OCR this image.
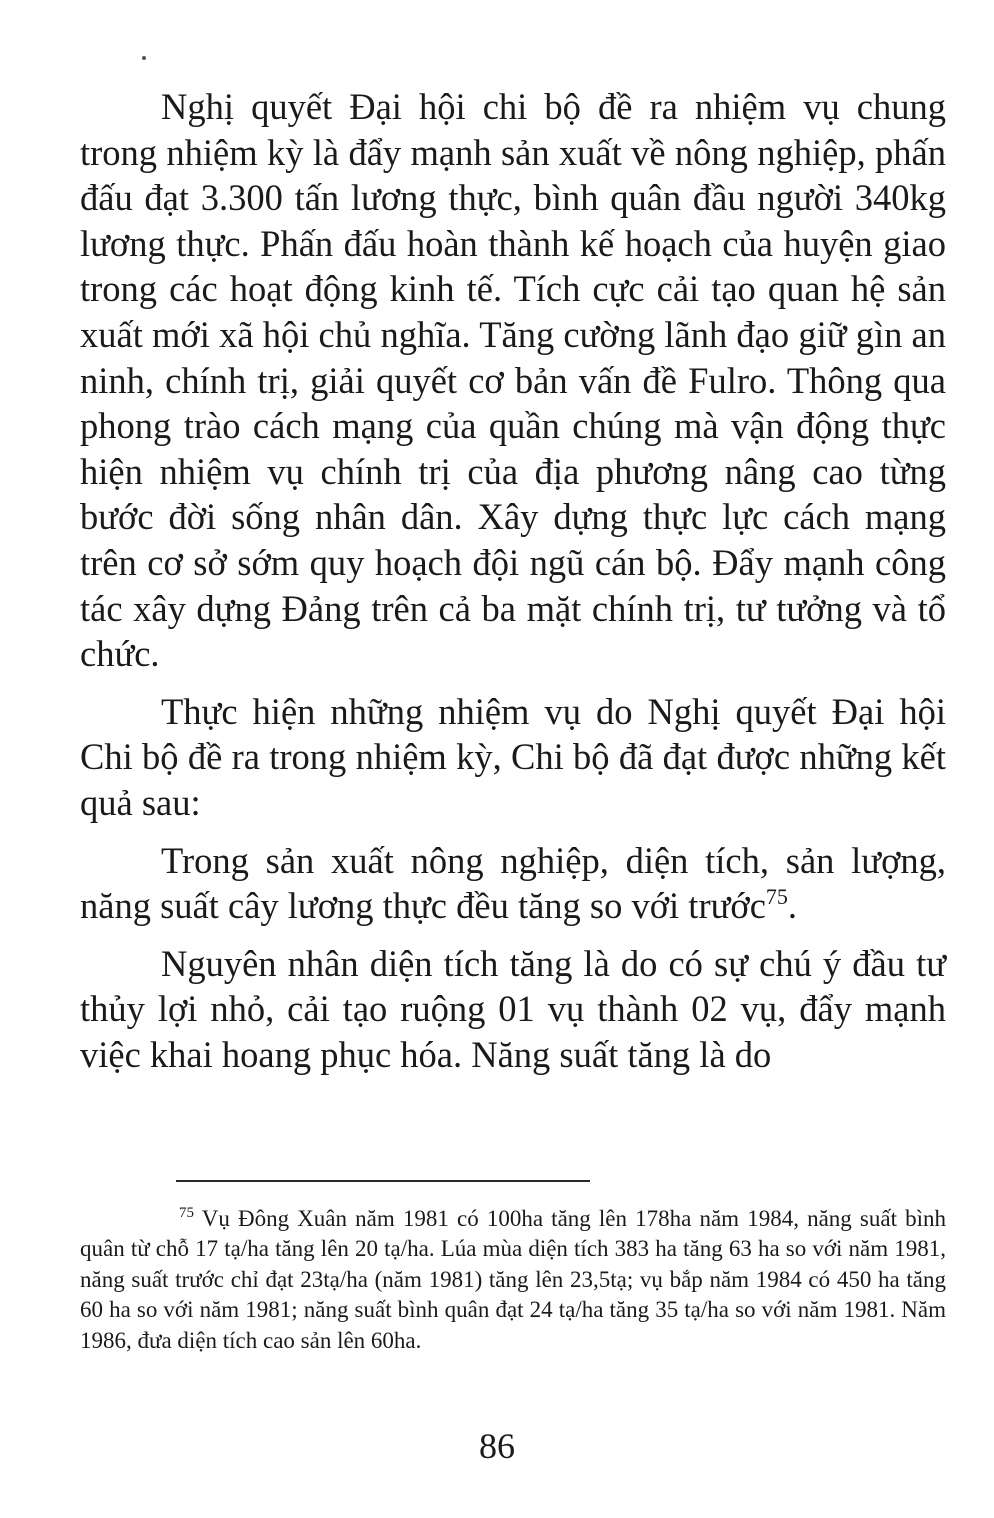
Nghị quyết Đại hội chi bộ đề ra nhiệm vụ chung trong nhiệm kỳ là đẩy mạnh sản xuất về nông nghiệp, phấn đấu đạt 3.300 tấn lương thực, bình quân đầu người 340kg lương thực. Phấn đấu hoàn thành kế hoạch của huyện giao trong các hoạt động kinh tế. Tích cực cải tạo quan hệ sản xuất mới xã hội chủ nghĩa. Tăng cường lãnh đạo giữ gìn an ninh, chính trị, giải quyết cơ bản vấn đề Fulro. Thông qua phong trào cách mạng của quần chúng mà vận động thực hiện nhiệm vụ chính trị của địa phương nâng cao từng bước đời sống nhân dân. Xây dựng thực lực cách mạng trên cơ sở sớm quy hoạch đội ngũ cán bộ. Đẩy mạnh công tác xây dựng Đảng trên cả ba mặt chính trị, tư tưởng và tổ chức.

Thực hiện những nhiệm vụ do Nghị quyết Đại hội Chi bộ đề ra trong nhiệm kỳ, Chi bộ đã đạt được những kết quả sau:

Trong sản xuất nông nghiệp, diện tích, sản lượng, năng suất cây lương thực đều tăng so với trước$^{75}$.

Nguyên nhân diện tích tăng là do có sự chú ý đầu tư thủy lợi nhỏ, cải tạo ruộng 01 vụ thành 02 vụ, đẩy mạnh việc khai hoang phục hóa. Năng suất tăng là do

$^{75}$ Vụ Đông Xuân năm 1981 có 100ha tăng lên 178ha năm 1984, năng suất bình quân từ chỗ 17 tạ/ha tăng lên 20 tạ/ha. Lúa mùa diện tích 383 ha tăng 63 ha so với năm 1981, năng suất trước chỉ đạt 23tạ/ha (năm 1981) tăng lên 23,5tạ; vụ bắp năm 1984 có 450 ha tăng 60 ha so với năm 1981; năng suất bình quân đạt 24 tạ/ha tăng 35 tạ/ha so với năm 1981. Năm 1986, đưa diện tích cao sản lên 60ha.

86
